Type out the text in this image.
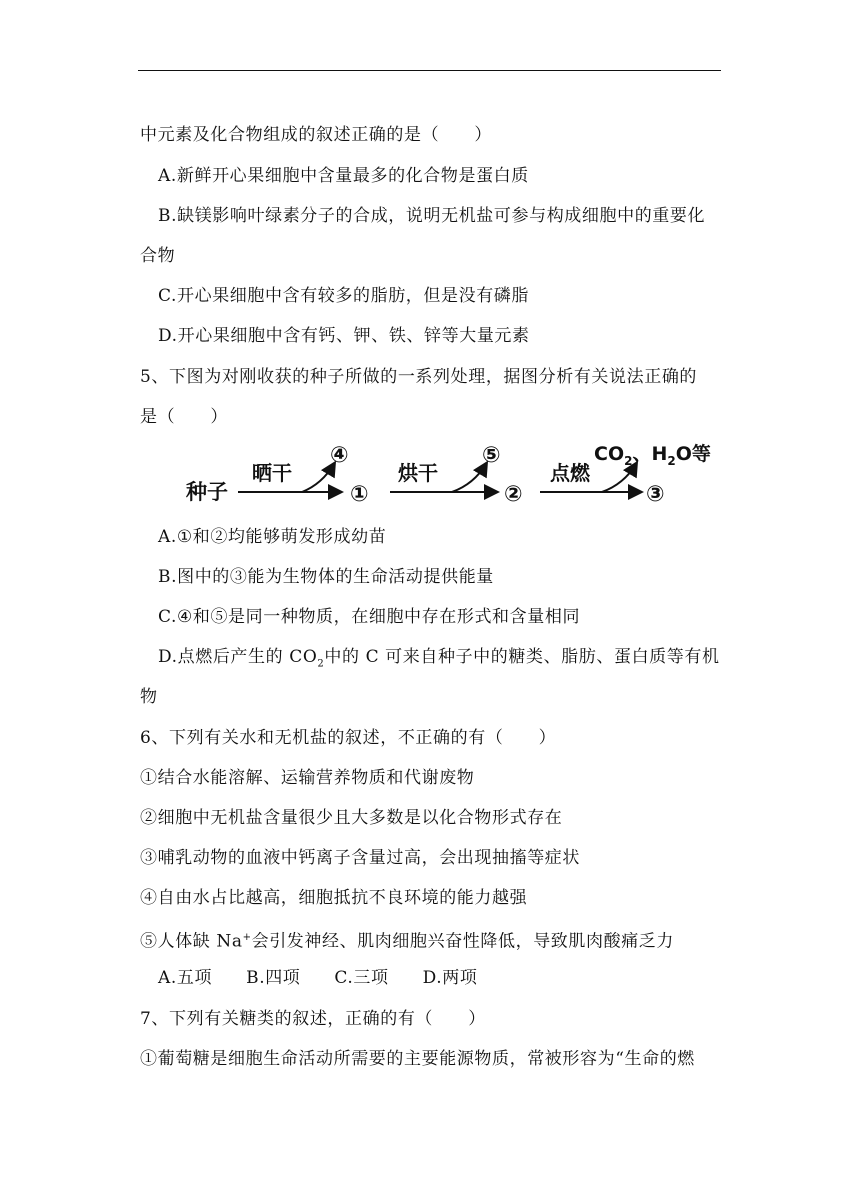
中元素及化合物组成的叙述正确的是（　　）
A.新鲜开心果细胞中含量最多的化合物是蛋白质
B.缺镁影响叶绿素分子的合成，说明无机盐可参与构成细胞中的重要化
合物
C.开心果细胞中含有较多的脂肪，但是没有磷脂
D.开心果细胞中含有钙、钾、铁、锌等大量元素
5、下图为对刚收获的种子所做的一系列处理，据图分析有关说法正确的
是（　　）
种子
晒干
④
①
烘干
⑤
②
点燃
③
$CO_2$、$H_2O$等
A.①和②均能够萌发形成幼苗
B.图中的③能为生物体的生命活动提供能量
C.④和⑤是同一种物质，在细胞中存在形式和含量相同
D.点燃后产生的 $CO_2$中的 C 可来自种子中的糖类、脂肪、蛋白质等有机
物
6、下列有关水和无机盐的叙述，不正确的有（　　）
①结合水能溶解、运输营养物质和代谢废物
②细胞中无机盐含量很少且大多数是以化合物形式存在
③哺乳动物的血液中钙离子含量过高，会出现抽搐等症状
④自由水占比越高，细胞抵抗不良环境的能力越强
⑤人体缺 Na+会引发神经、肌肉细胞兴奋性降低，导致肌肉酸痛乏力
A.五项 B.四项 C.三项 D.两项
7、下列有关糖类的叙述，正确的有（　　）
①葡萄糖是细胞生命活动所需要的主要能源物质，常被形容为“生命的燃
